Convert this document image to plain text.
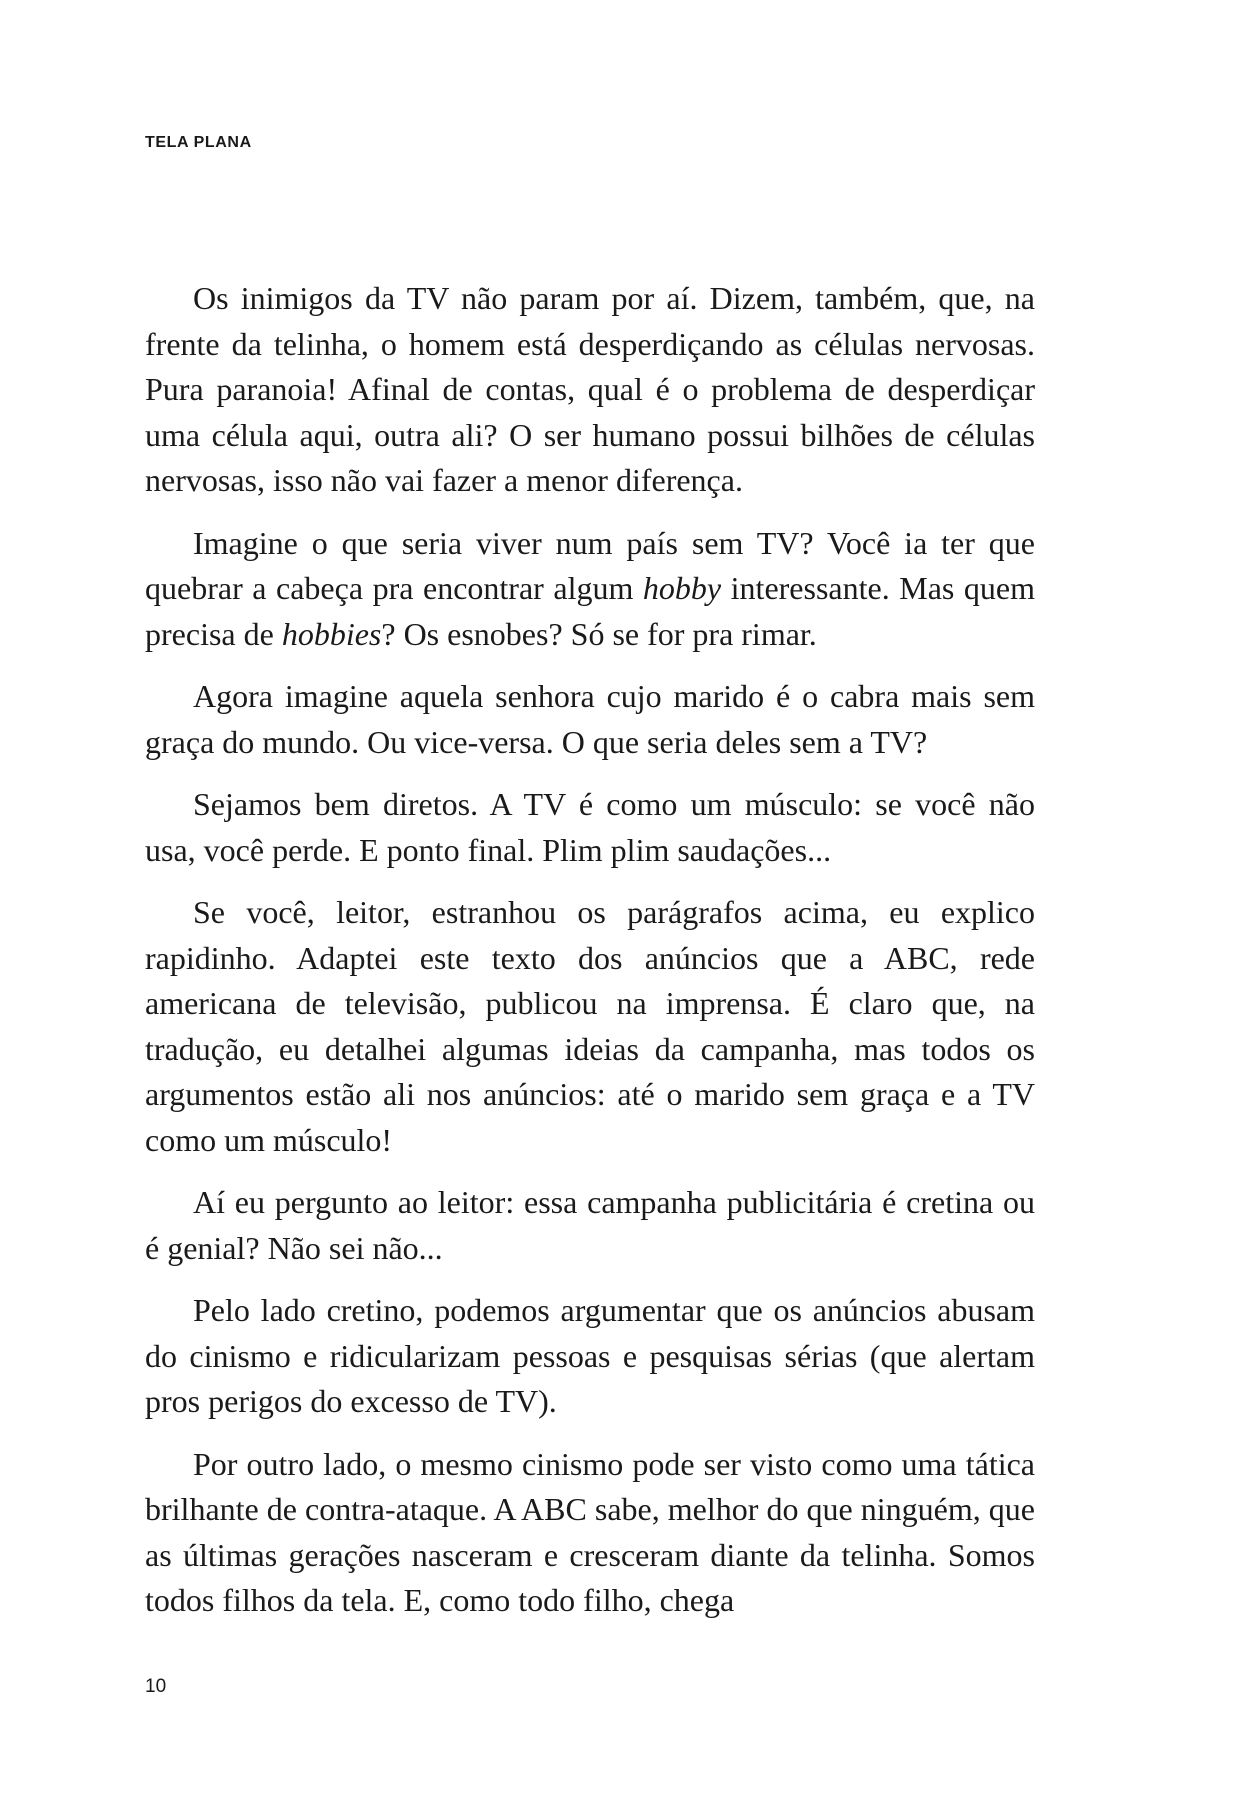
TELA PLANA

Os inimigos da TV não param por aí. Dizem, também, que, na frente da telinha, o homem está desperdiçando as células nervosas. Pura paranoia! Afinal de contas, qual é o problema de desperdiçar uma célula aqui, outra ali? O ser humano possui bilhões de células nervosas, isso não vai fazer a menor diferença.

Imagine o que seria viver num país sem TV? Você ia ter que quebrar a cabeça pra encontrar algum hobby interessante. Mas quem precisa de hobbies? Os esnobes? Só se for pra rimar.

Agora imagine aquela senhora cujo marido é o cabra mais sem graça do mundo. Ou vice-versa. O que seria deles sem a TV?

Sejamos bem diretos. A TV é como um músculo: se você não usa, você perde. E ponto final. Plim plim saudações...

Se você, leitor, estranhou os parágrafos acima, eu explico rapidinho. Adaptei este texto dos anúncios que a ABC, rede americana de televisão, publicou na imprensa. É claro que, na tradução, eu detalhei algumas ideias da campanha, mas todos os argumentos estão ali nos anúncios: até o marido sem graça e a TV como um músculo!

Aí eu pergunto ao leitor: essa campanha publicitária é cretina ou é genial? Não sei não...

Pelo lado cretino, podemos argumentar que os anúncios abusam do cinismo e ridicularizam pessoas e pesquisas sérias (que alertam pros perigos do excesso de TV).

Por outro lado, o mesmo cinismo pode ser visto como uma tática brilhante de contra-ataque. A ABC sabe, melhor do que ninguém, que as últimas gerações nasceram e cresceram diante da telinha. Somos todos filhos da tela. E, como todo filho, chega

10
